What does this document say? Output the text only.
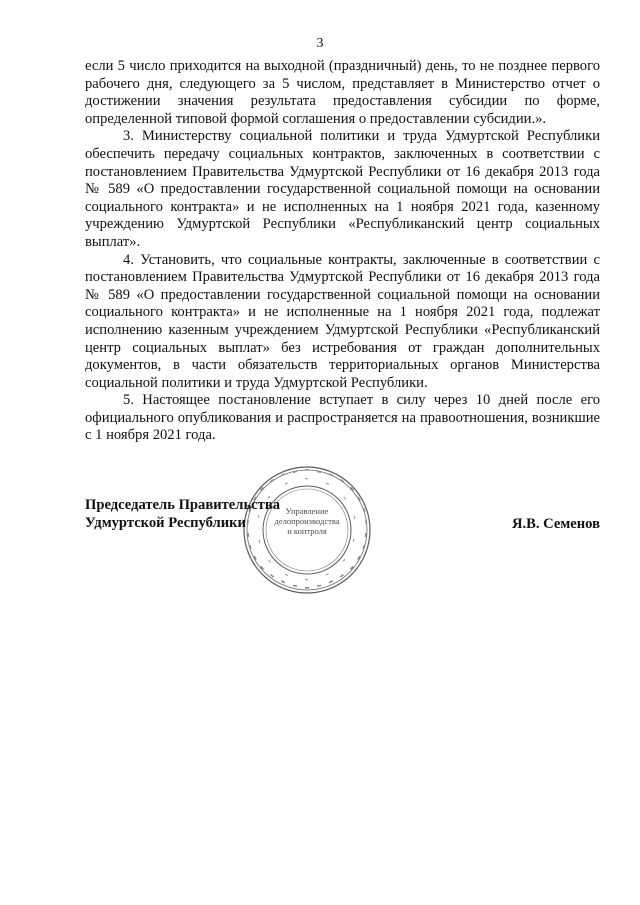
3

если 5 число приходится на выходной (праздничный) день, то не позднее первого рабочего дня, следующего за 5 числом, представляет в Министерство отчет о достижении значения результата предоставления субсидии по форме, определенной типовой формой соглашения о предоставлении субсидии.».

3. Министерству социальной политики и труда Удмуртской Республики обеспечить передачу социальных контрактов, заключенных в соответствии с постановлением Правительства Удмуртской Республики от 16 декабря 2013 года № 589 «О предоставлении государственной социальной помощи на основании социального контракта» и не исполненных на 1 ноября 2021 года, казенному учреждению Удмуртской Республики «Республиканский центр социальных выплат».

4. Установить, что социальные контракты, заключенные в соответствии с постановлением Правительства Удмуртской Республики от 16 декабря 2013 года № 589 «О предоставлении государственной социальной помощи на основании социального контракта» и не исполненные на 1 ноября 2021 года, подлежат исполнению казенным учреждением Удмуртской Республики «Республиканский центр социальных выплат» без истребования от граждан дополнительных документов, в части обязательств территориальных органов Министерства социальной политики и труда Удмуртской Республики.

5. Настоящее постановление вступает в силу через 10 дней после его официального опубликования и распространяется на правоотношения, возникшие с 1 ноября 2021 года.

Управление
делопроизводства
и контроля
Председатель Правительства
Удмуртской Республики	Я.В. Семенов
